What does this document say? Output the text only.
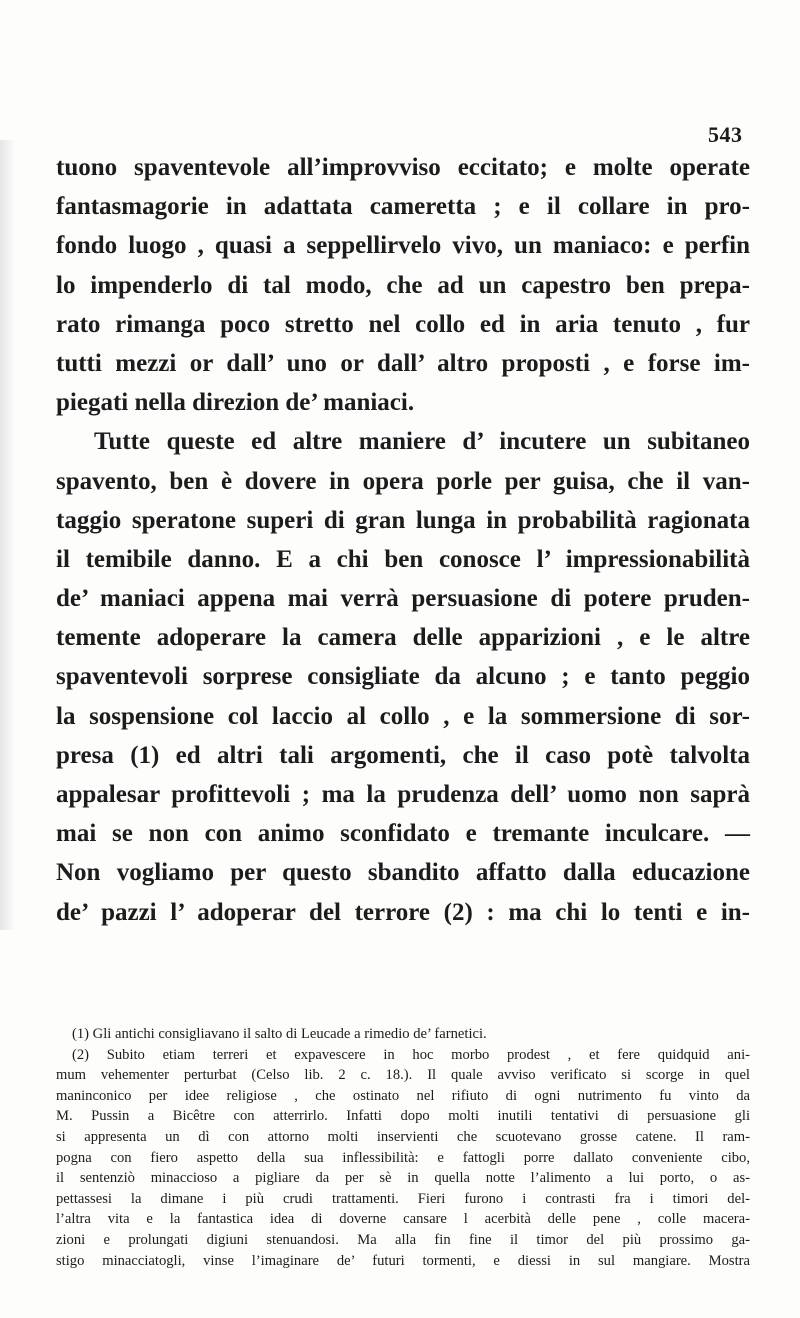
543
tuono spaventevole all’improvviso eccitato; e molte operate
fantasmagorie in adattata cameretta ; e il collare in pro-
fondo luogo , quasi a seppellirvelo vivo, un maniaco: e perfin
lo impenderlo di tal modo, che ad un capestro ben prepa-
rato rimanga poco stretto nel collo ed in aria tenuto , fur
tutti mezzi or dall’ uno or dall’ altro proposti , e forse im-
piegati nella direzion de’ maniaci.
Tutte queste ed altre maniere d’ incutere un subitaneo
spavento, ben è dovere in opera porle per guisa, che il van-
taggio speratone superi di gran lunga in probabilità ragionata
il temibile danno. E a chi ben conosce l’ impressionabilità
de’ maniaci appena mai verrà persuasione di potere pruden-
temente adoperare la camera delle apparizioni , e le altre
spaventevoli sorprese consigliate da alcuno ; e tanto peggio
la sospensione col laccio al collo , e la sommersione di sor-
presa (1) ed altri tali argomenti, che il caso potè talvolta
appalesar profittevoli ; ma la prudenza dell’ uomo non saprà
mai se non con animo sconfidato e tremante inculcare. —
Non vogliamo per questo sbandito affatto dalla educazione
de’ pazzi l’ adoperar del terrore (2) : ma chi lo tenti e in-
(1) Gli antichi consigliavano il salto di Leucade a rimedio de’ farnetici.
(2) Subito etiam terreri et expavescere in hoc morbo prodest , et fere quidquid ani-
mum vehementer perturbat (Celso lib. 2 c. 18.). Il quale avviso verificato si scorge in quel
maninconico per idee religiose , che ostinato nel rifiuto di ogni nutrimento fu vinto da
M. Pussin a Bicêtre con atterrirlo. Infatti dopo molti inutili tentativi di persuasione gli
si appresenta un dì con attorno molti inservienti che scuotevano grosse catene. Il ram-
pogna con fiero aspetto della sua inflessibilità: e fattogli porre dallato conveniente cibo,
il sentenziò minaccioso a pigliare da per sè in quella notte l’alimento a lui porto, o as-
pettassesi la dimane i più crudi trattamenti. Fieri furono i contrasti fra i timori del-
l’altra vita e la fantastica idea di doverne cansare l acerbità delle pene , colle macera-
zioni e prolungati digiuni stenuandosi. Ma alla fin fine il timor del più prossimo ga-
stigo minacciatogli, vinse l’imaginare de’ futuri tormenti, e diessi in sul mangiare. Mostra
